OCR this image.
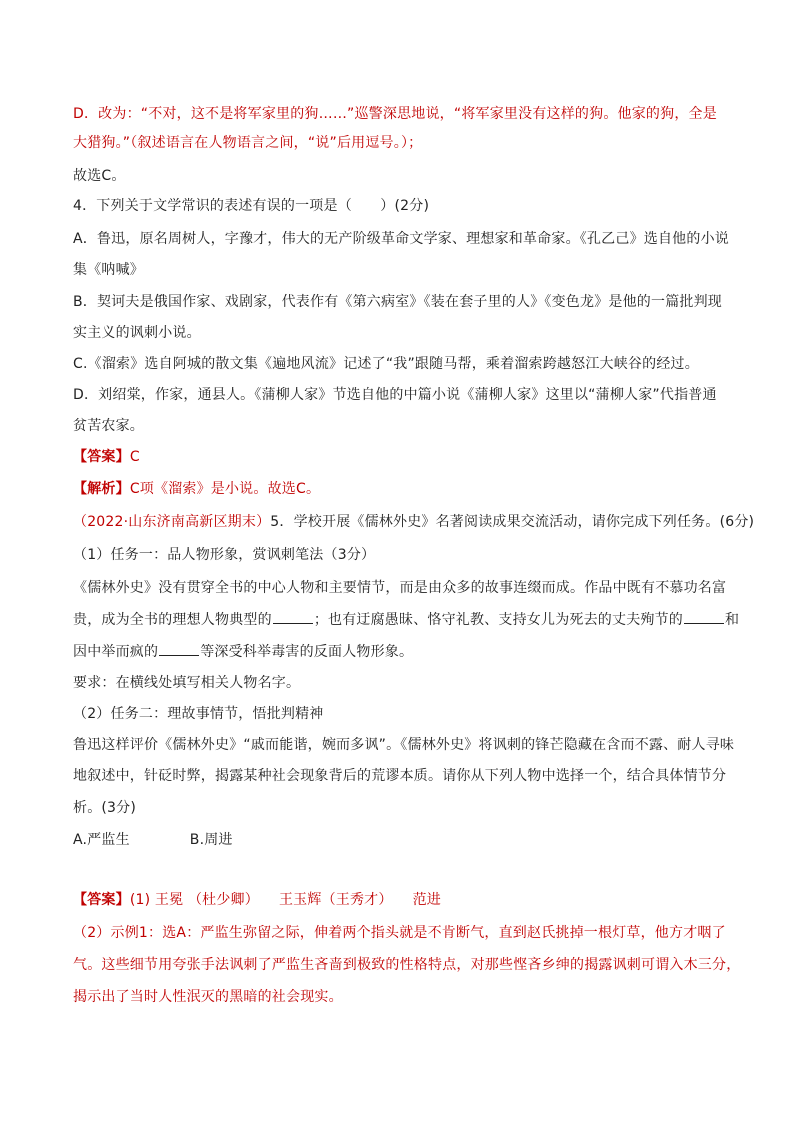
D．改为：“不对，这不是将军家里的狗……”巡警深思地说，“将军家里没有这样的狗。他家的狗，全是
大猎狗。”（叙述语言在人物语言之间，“说”后用逗号。）；
故选C。
4．下列关于文学常识的表述有误的一项是（　　）(2分)
A．鲁迅，原名周树人，字豫才，伟大的无产阶级革命文学家、理想家和革命家。《孔乙己》选自他的小说
集《呐喊》
B．契诃夫是俄国作家、戏剧家，代表作有《第六病室》《装在套子里的人》《变色龙》是他的一篇批判现
实主义的讽刺小说。
C.《溜索》选自阿城的散文集《遍地风流》记述了“我”跟随马帮，乘着溜索跨越怒江大峡谷的经过。
D．刘绍棠，作家，通县人。《蒲柳人家》节选自他的中篇小说《蒲柳人家》这里以“蒲柳人家”代指普通
贫苦农家。
【答案】C
【解析】C项《溜索》是小说。故选C。
（2022·山东济南高新区期末）5．学校开展《儒林外史》名著阅读成果交流活动，请你完成下列任务。(6分)
（1）任务一：品人物形象，赏讽刺笔法（3分）
《儒林外史》没有贯穿全书的中心人物和主要情节，而是由众多的故事连缀而成。作品中既有不慕功名富
贵，成为全书的理想人物典型的	；也有迂腐愚昧、恪守礼教、支持女儿为死去的丈夫殉节的	和
因中举而疯的	等深受科举毒害的反面人物形象。
要求：在横线处填写相关人物名字。
（2）任务二：理故事情节，悟批判精神
鲁迅这样评价《儒林外史》“戚而能谐，婉而多讽”。《儒林外史》将讽刺的锋芒隐藏在含而不露、耐人寻味
地叙述中，针砭时弊，揭露某种社会现象背后的荒谬本质。请你从下列人物中选择一个，结合具体情节分
析。(3分)
A.严监生	B.周进
【答案】(1) 王冕 （杜少卿） 王玉辉（王秀才） 范进
（2）示例1：选A：严监生弥留之际，伸着两个指头就是不肯断气，直到赵氏挑掉一根灯草，他方才咽了
气。这些细节用夸张手法讽刺了严监生吝啬到极致的性格特点，对那些悭吝乡绅的揭露讽刺可谓入木三分，
揭示出了当时人性泯灭的黑暗的社会现实。
